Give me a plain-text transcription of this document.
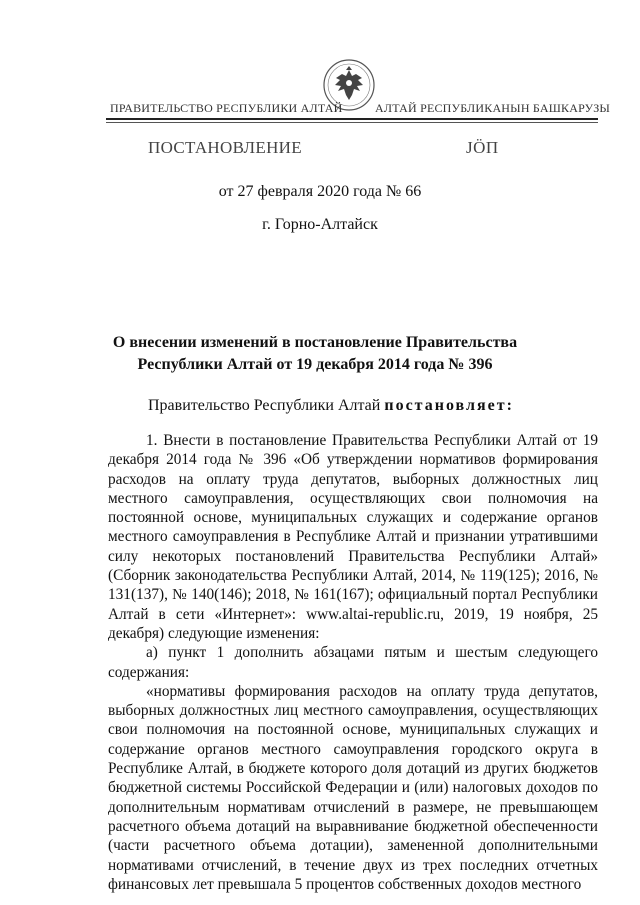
ПРАВИТЕЛЬСТВО РЕСПУБЛИКИ АЛТАЙ	АЛТАЙ РЕСПУБЛИКАНЫН БАШКАРУЗЫ
ПОСТАНОВЛЕНИЕ	ЈӦП
от 27 февраля 2020 года № 66
г. Горно-Алтайск
О внесении изменений в постановление Правительства Республики Алтай от 19 декабря 2014 года № 396
Правительство Республики Алтай постановляет:

1. Внести в постановление Правительства Республики Алтай от 19 декабря 2014 года № 396 «Об утверждении нормативов формирования расходов на оплату труда депутатов, выборных должностных лиц местного самоуправления, осуществляющих свои полномочия на постоянной основе, муниципальных служащих и содержание органов местного самоуправления в Республике Алтай и признании утратившими силу некоторых постановлений Правительства Республики Алтай» (Сборник законодательства Республики Алтай, 2014, № 119(125); 2016, № 131(137), № 140(146); 2018, № 161(167); официальный портал Республики Алтай в сети «Интернет»: www.altai-republic.ru, 2019, 19 ноября, 25 декабря) следующие изменения:

а) пункт 1 дополнить абзацами пятым и шестым следующего содержания:

«нормативы формирования расходов на оплату труда депутатов, выборных должностных лиц местного самоуправления, осуществляющих свои полномочия на постоянной основе, муниципальных служащих и содержание органов местного самоуправления городского округа в Республике Алтай, в бюджете которого доля дотаций из других бюджетов бюджетной системы Российской Федерации и (или) налоговых доходов по дополнительным нормативам отчислений в размере, не превышающем расчетного объема дотаций на выравнивание бюджетной обеспеченности (части расчетного объема дотации), замененной дополнительными нормативами отчислений, в течение двух из трех последних отчетных финансовых лет превышала 5 процентов собственных доходов местного
